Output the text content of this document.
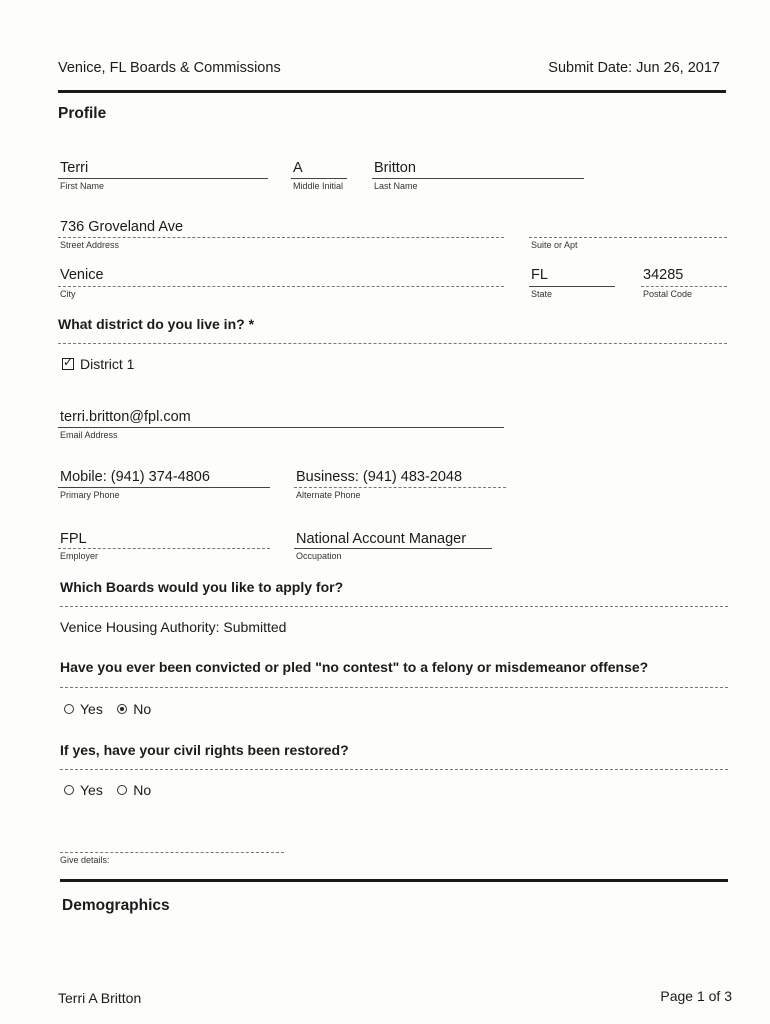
Venice, FL Boards & Commissions	Submit Date: Jun 26, 2017
Profile
Terri
First Name
A
Middle Initial
Britton
Last Name
736 Groveland Ave
Street Address	Suite or Apt
Venice
City
FL
State
34285
Postal Code
What district do you live in? *
✓District 1
terri.britton@fpl.com
Email Address
Mobile: (941) 374-4806
Primary Phone
Business: (941) 483-2048
Alternate Phone
FPL
Employer
National Account Manager
Occupation
Which Boards would you like to apply for?
Venice Housing Authority: Submitted
Have you ever been convicted or pled "no contest" to a felony or misdemeanor offense?
Yes
No
If yes, have your civil rights been restored?
Yes
No
Give details:
Demographics
Terri A Britton	Page 1 of 3
